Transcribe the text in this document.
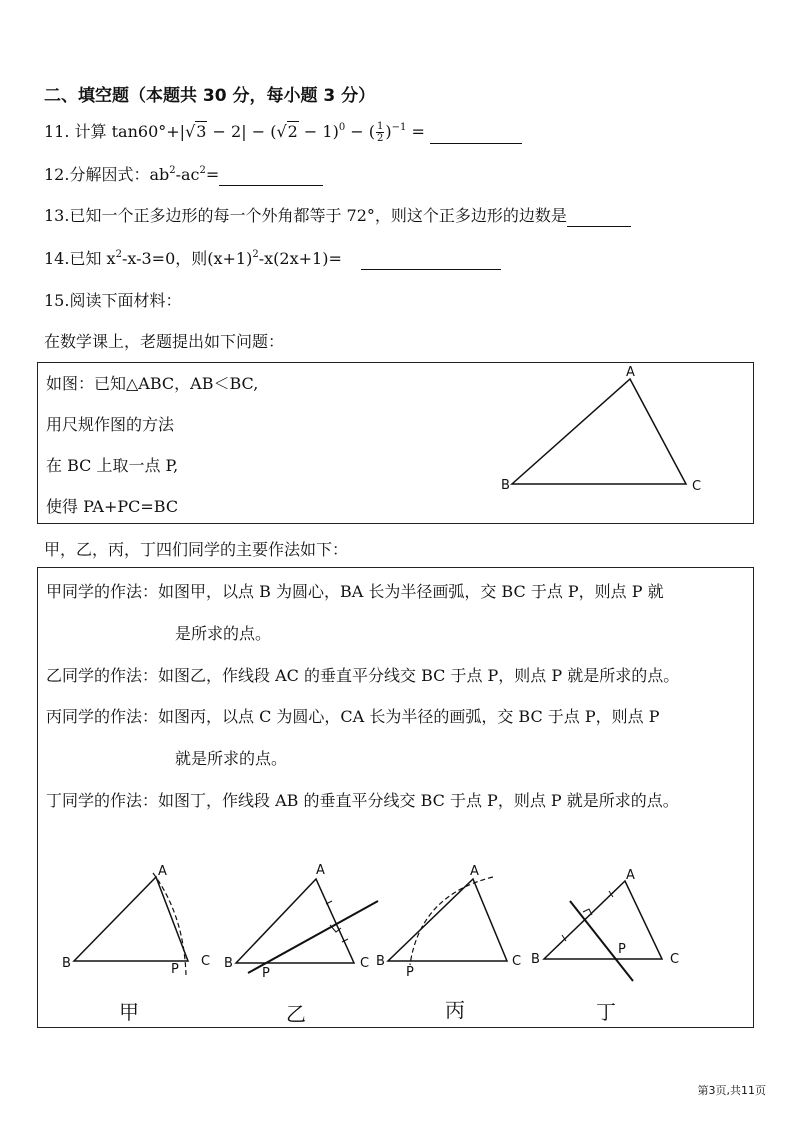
二、填空题（本题共 30 分，每小题 3 分）
11. 计算 $\tan 60^\circ+|√3 - 2| - (√2 - 1)^0$ − ( $\frac{1}{2} )^{-1}$ =
12.分解因式：$ab^2-ac^2=$
13.已知一个正多边形的每一个外角都等于 72°，则这个正多边形的边数是
14.已知 $x^2-x-3=0$，则$(x+1)^2-x(2x+1)=$
15.阅读下面材料：
在数学课上，老题提出如下问题：
如图：已知△ABC，AB＜BC,
用尺规作图的方法
在 BC 上取一点 P,
使得 PA+PC=BC
A
B	C
甲，乙，丙，丁四们同学的主要作法如下：
甲同学的作法：如图甲，以点 B 为圆心，BA 长为半径画弧，交 BC 于点 P，则点 P 就
是所求的点。
乙同学的作法：如图乙，作线段 AC 的垂直平分线交 BC 于点 P，则点 P 就是所求的点。
丙同学的作法：如图丙，以点 C 为圆心，CA 长为半径的画弧，交 BC 于点 P，则点 P
就是所求的点。
丁同学的作法：如图丁，作线段 AB 的垂直平分线交 BC 于点 P，则点 P 就是所求的点。
A
B	P
C
A
B
P
C
A
B
P
C
A
B
P
C
甲	乙	丙	丁
第3页,共11页
